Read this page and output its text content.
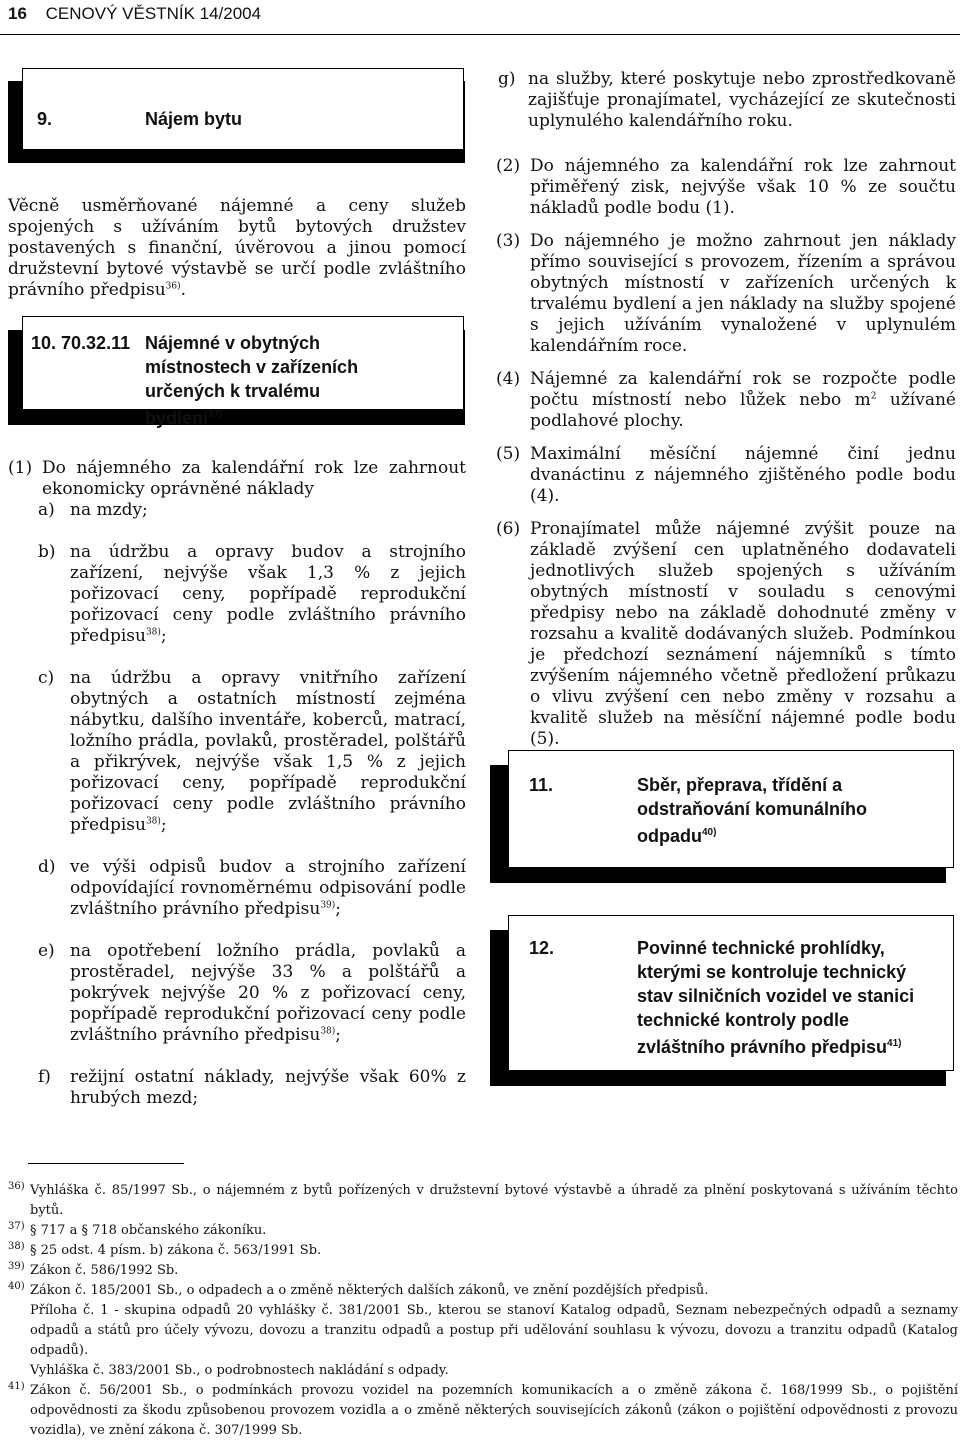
16 CENOVÝ VĚSTNÍK 14/2004
9.	Nájem bytu
Věcně usměrňované nájemné a ceny služeb spojených s užíváním bytů bytových družstev postavených s finanční, úvěrovou a jinou pomocí družstevní bytové výstavbě se určí podle zvláštního právního předpisu$^{36)}$.
10. 70.32.11 Nájemné v obytných místnostech v zařízeních určených k trvalému bydlení$^{37)}$
(1) Do nájemného za kalendářní rok lze zahrnout ekonomicky oprávněné náklady
a) na mzdy;
b) na údržbu a opravy budov a strojního zařízení, nejvýše však 1,3 % z jejich pořizovací ceny, popřípadě reprodukční pořizovací ceny podle zvláštního právního předpisu$^{38)}$;
c) na údržbu a opravy vnitřního zařízení obytných a ostatních místností zejména nábytku, dalšího inventáře, koberců, matrací, ložního prádla, povlaků, prostěradel, polštářů a přikrývek, nejvýše však 1,5 % z jejich pořizovací ceny, popřípadě reprodukční pořizovací ceny podle zvláštního právního předpisu$^{38)}$;
d) ve výši odpisů budov a strojního zařízení odpovídající rovnoměrnému odpisování podle zvláštního právního předpisu$^{39)}$;
e) na opotřebení ložního prádla, povlaků a prostěradel, nejvýše 33 % a polštářů a pokrývek nejvýše 20 % z pořizovací ceny, popřípadě reprodukční pořizovací ceny podle zvláštního právního předpisu$^{38)}$;
f)	režijní ostatní náklady, nejvýše však 60% z hrubých mezd;
g) na služby, které poskytuje nebo zprostředkovaně zajišťuje pronajímatel, vycházející ze skutečnosti uplynulého kalendářního roku.
(2) Do nájemného za kalendářní rok lze zahrnout přiměřený zisk, nejvýše však 10 % ze součtu nákladů podle bodu (1).
(3) Do nájemného je možno zahrnout jen náklady přímo související s provozem, řízením a správou obytných místností v zařízeních určených k trvalému bydlení a jen náklady na služby spojené s jejich užíváním vynaložené v uplynulém kalendářním roce.
(4) Nájemné za kalendářní rok se rozpočte podle počtu místností nebo lůžek nebo $m^2$ užívané podlahové plochy.
(5) Maximální měsíční nájemné činí jednu dvanáctinu z nájemného zjištěného podle bodu (4).
(6) Pronajímatel může nájemné zvýšit pouze na základě zvýšení cen uplatněného dodavateli jednotlivých služeb spojených s užíváním obytných místností v souladu s cenovými předpisy nebo na základě dohodnuté změny v rozsahu a kvalitě dodávaných služeb. Podmínkou je předchozí seznámení nájemníků s tímto zvýšením nájemného včetně předložení průkazu o vlivu zvýšení cen nebo změny v rozsahu a kvalitě služeb na měsíční nájemné podle bodu (5).
11.	Sběr, přeprava, třídění a odstraňování komunálního odpadu$^{40)}$
12.	Povinné technické prohlídky, kterými se kontroluje technický stav silničních vozidel ve stanici technické kontroly podle zvláštního právního předpisu$^{41)}$
36) Vyhláška č. 85/1997 Sb., o nájemném z bytů pořízených v družstevní bytové výstavbě a úhradě za plnění poskytovaná s užíváním těchto bytů.
37) § 717 a § 718 občanského zákoníku.
38) § 25 odst. 4 písm. b) zákona č. 563/1991 Sb.
39) Zákon č. 586/1992 Sb.
40) Zákon č. 185/2001 Sb., o odpadech a o změně některých dalších zákonů, ve znění pozdějších předpisů.
Příloha č. 1 - skupina odpadů 20 vyhlášky č. 381/2001 Sb., kterou se stanoví Katalog odpadů, Seznam nebezpečných odpadů a seznamy odpadů a států pro účely vývozu, dovozu a tranzitu odpadů a postup při udělování souhlasu k vývozu, dovozu a tranzitu odpadů (Katalog odpadů).
Vyhláška č. 383/2001 Sb., o podrobnostech nakládání s odpady.
41) Zákon č. 56/2001 Sb., o podmínkách provozu vozidel na pozemních komunikacích a o změně zákona č. 168/1999 Sb., o pojištění odpovědnosti za škodu způsobenou provozem vozidla a o změně některých souvisejících zákonů (zákon o pojištění odpovědnosti z provozu vozidla), ve znění zákona č. 307/1999 Sb.
